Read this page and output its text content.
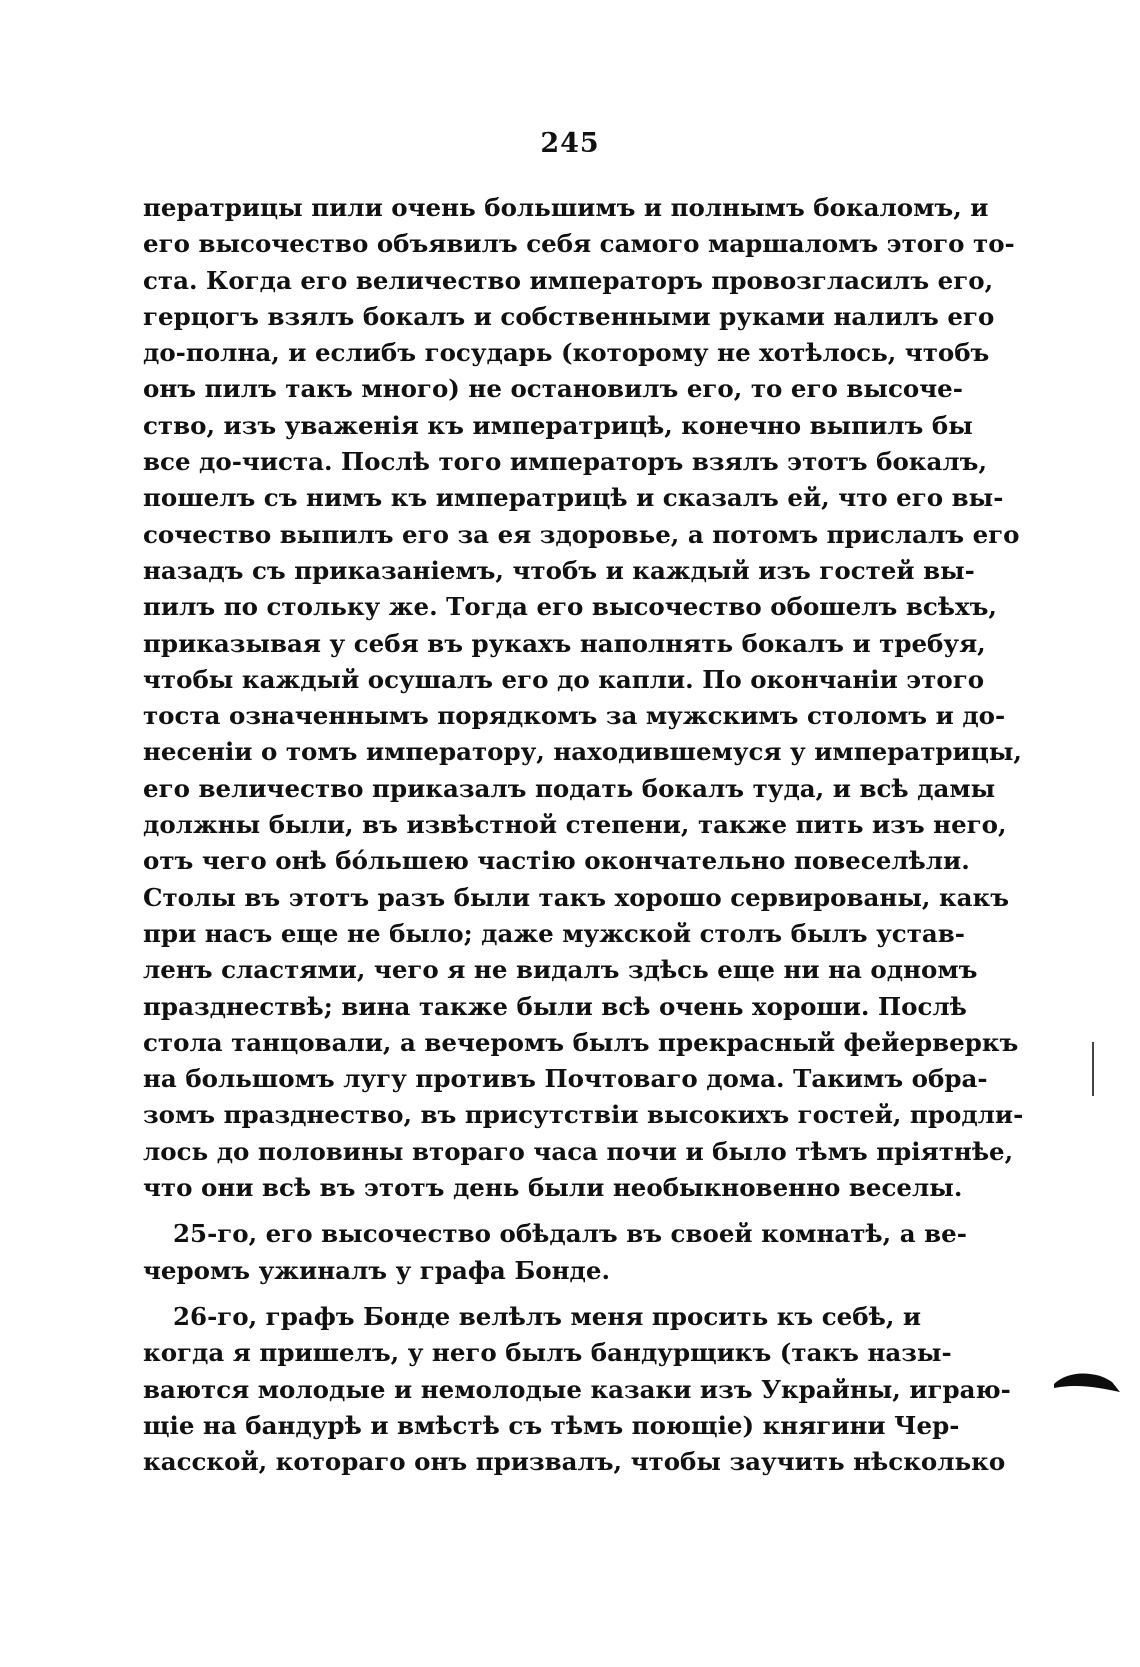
245
ператрицы пили очень большимъ и полнымъ бокаломъ, и
его высочество объявилъ себя самого маршаломъ этого то-
ста. Когда его величество императоръ провозгласилъ его,
герцогъ взялъ бокалъ и собственными руками налилъ его
до-полна, и еслибъ государь (которому не хотѣлось, чтобъ
онъ пилъ такъ много) не остановилъ его, то его высоче-
ство, изъ уваженія къ императрицѣ, конечно выпилъ бы
все до-чиста. Послѣ того императоръ взялъ этотъ бокалъ,
пошелъ съ нимъ къ императрицѣ и сказалъ ей, что его вы-
сочество выпилъ его за ея здоровье, а потомъ прислалъ его
назадъ съ приказаніемъ, чтобъ и каждый изъ гостей вы-
пилъ по стольку же. Тогда его высочество обошелъ всѣхъ,
приказывая у себя въ рукахъ наполнять бокалъ и требуя,
чтобы каждый осушалъ его до капли. По окончаніи этого
тоста означеннымъ порядкомъ за мужскимъ столомъ и до-
несеніи о томъ императору, находившемуся у императрицы,
его величество приказалъ подать бокалъ туда, и всѣ дамы
должны были, въ извѣстной степени, также пить изъ него,
отъ чего онѣ бо́льшею частію окончательно повеселѣли.
Столы въ этотъ разъ были такъ хорошо сервированы, какъ
при насъ еще не было; даже мужской столъ былъ устав-
ленъ сластями, чего я не видалъ здѣсь еще ни на одномъ
празднествѣ; вина также были всѣ очень хороши. Послѣ
стола танцовали, а вечеромъ былъ прекрасный фейерверкъ
на большомъ лугу противъ Почтоваго дома. Такимъ обра-
зомъ празднество, въ присутствіи высокихъ гостей, продли-
лось до половины втораго часа почи и было тѣмъ пріятнѣе,
что они всѣ въ этотъ день были необыкновенно веселы.
25-го, его высочество обѣдалъ въ своей комнатѣ, а ве-
черомъ ужиналъ у графа Бонде.
26-го, графъ Бонде велѣлъ меня просить къ себѣ, и
когда я пришелъ, у него былъ бандурщикъ (такъ назы-
ваются молодые и немолодые казаки изъ Украйны, играю-
щіе на бандурѣ и вмѣстѣ съ тѣмъ поющіе) княгини Чер-
касской, котораго онъ призвалъ, чтобы заучить нѣсколько
